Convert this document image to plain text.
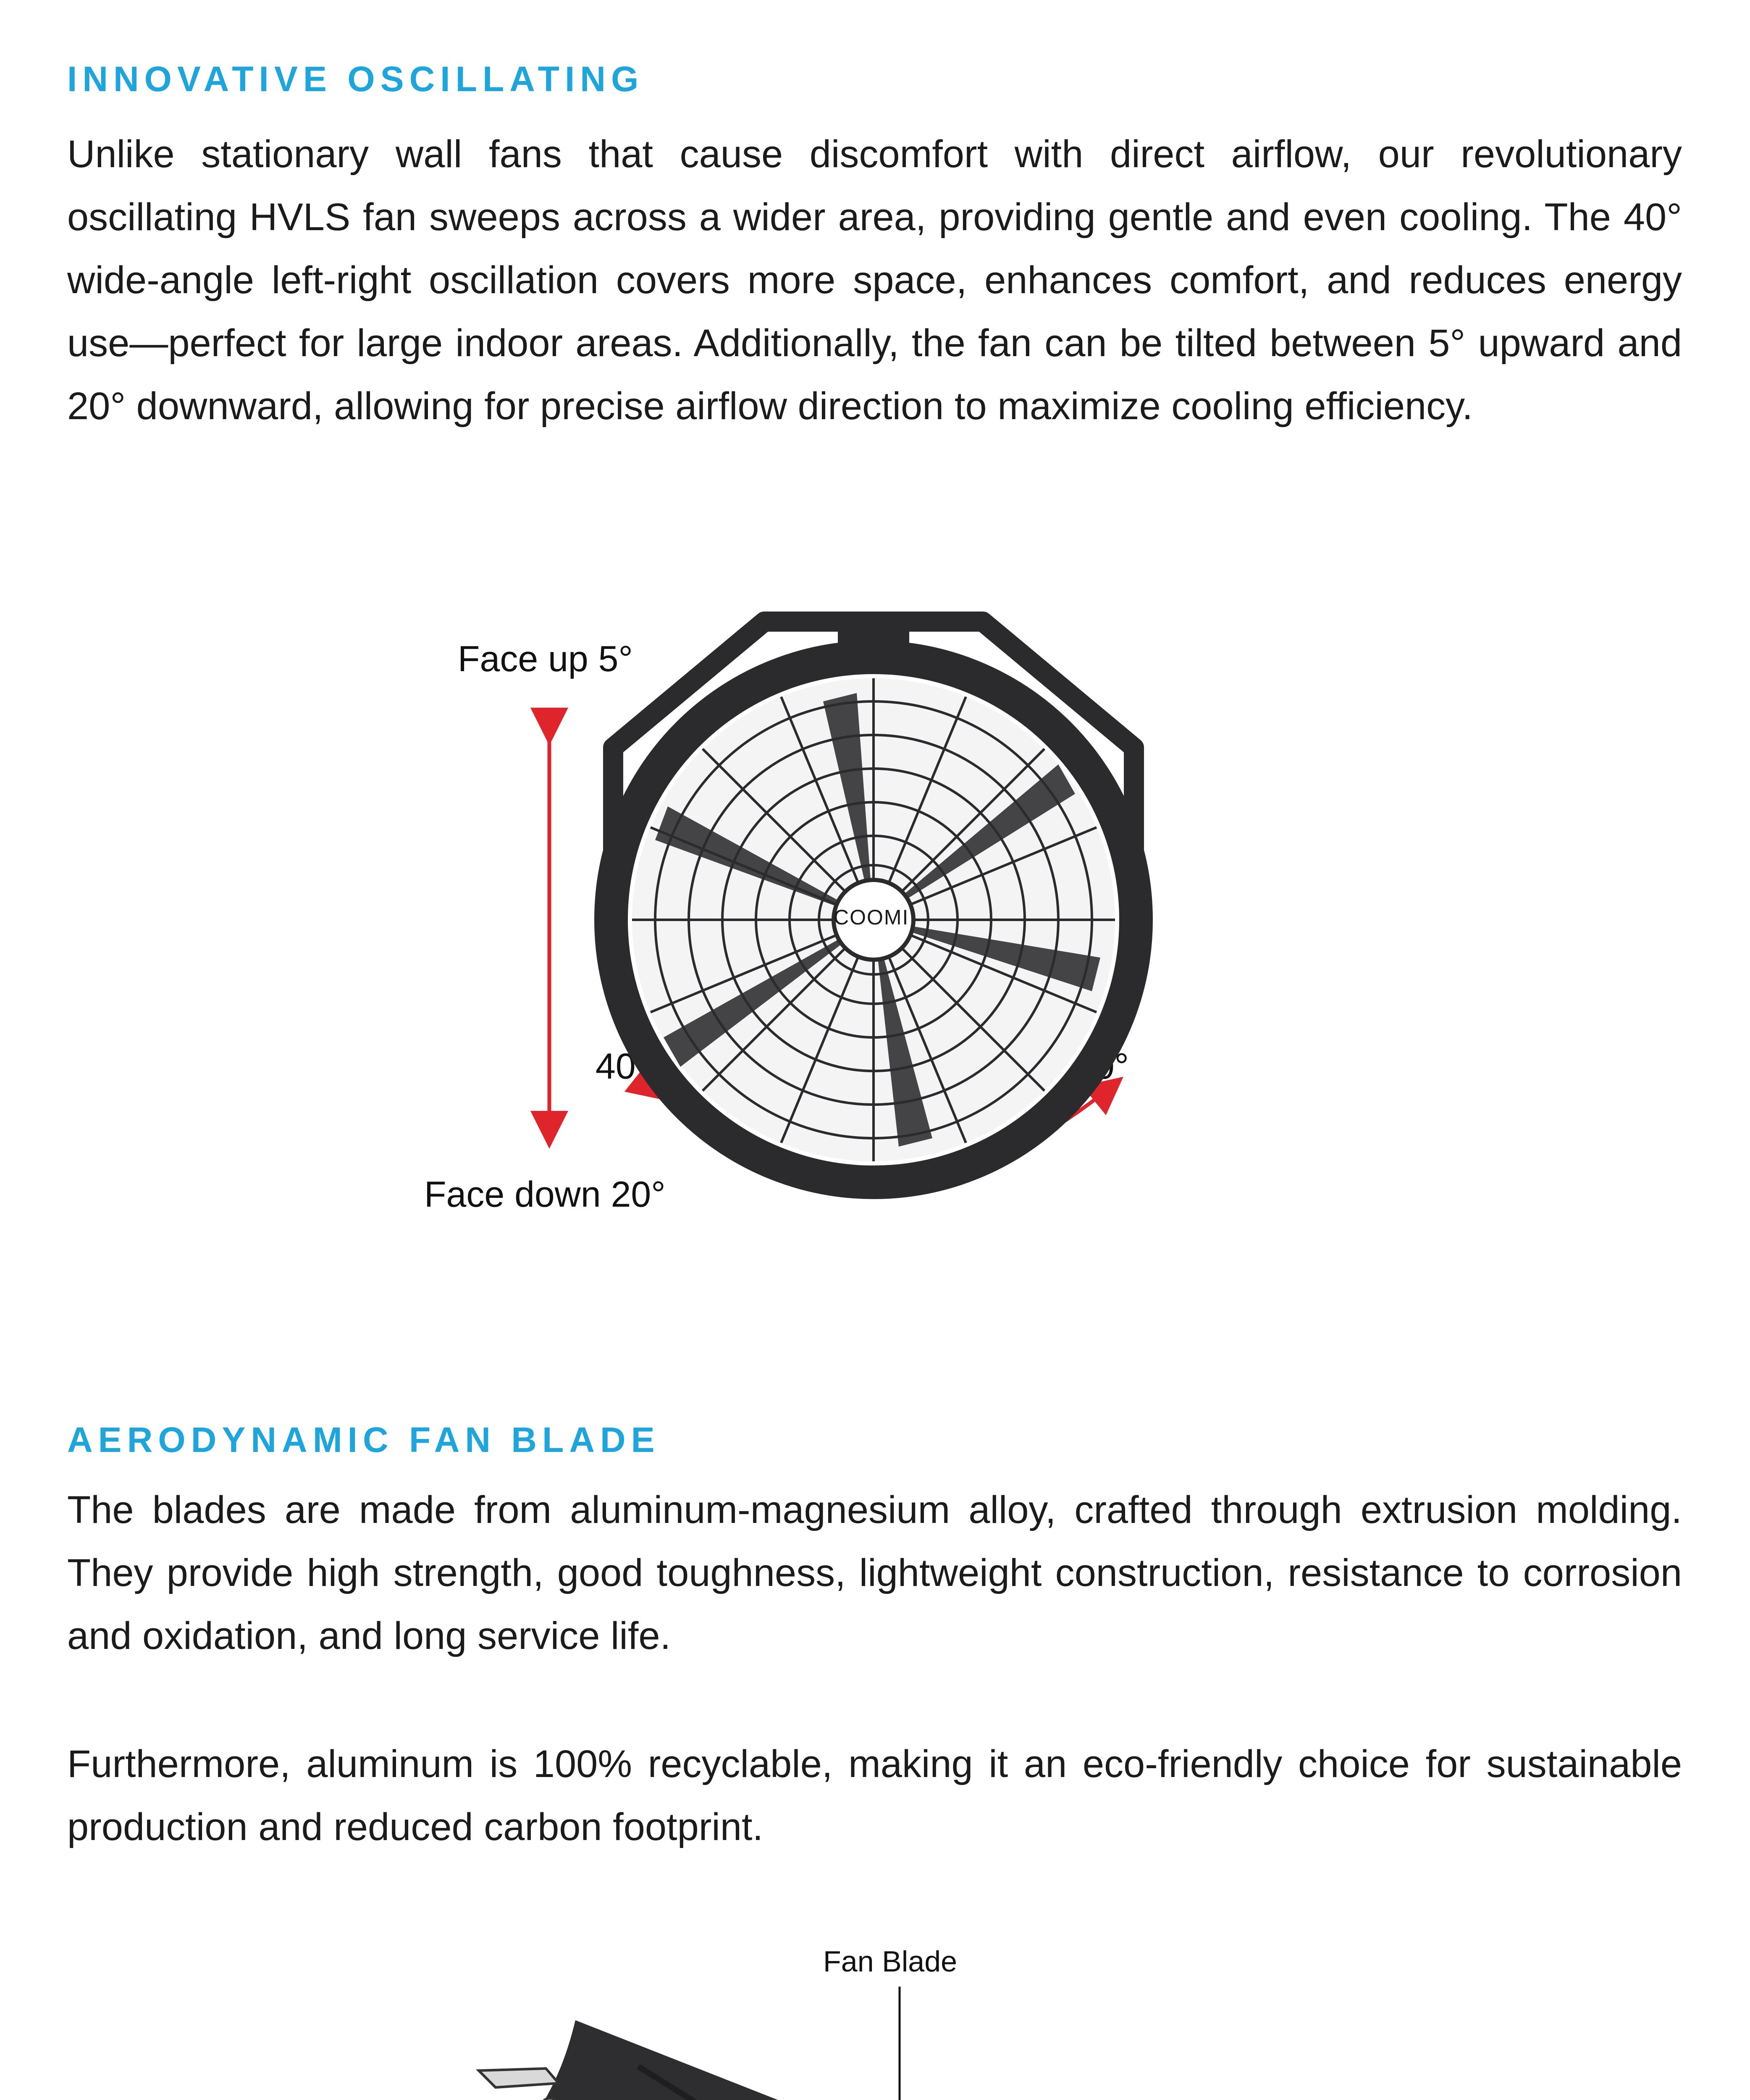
INNOVATIVE OSCILLATING

Unlike stationary wall fans that cause discomfort with direct airflow, our revolutionary oscillating HVLS fan sweeps across a wider area, providing gentle and even cooling. The 40° wide-angle left-right oscillation covers more space, enhances comfort, and reduces energy use—perfect for large indoor areas. Additionally, the fan can be tilted between 5° upward and 20° downward, allowing for precise airflow direction to maximize cooling efficiency.

Face up 5°
Face down 20°
40°	40°
COOMI
AERODYNAMIC FAN BLADE

The blades are made from aluminum-magnesium alloy, crafted through extrusion molding. They provide high strength, good toughness, lightweight construction, resistance to corrosion and oxidation, and long service life.

Furthermore, aluminum is 100% recyclable, making it an eco-friendly choice for sustainable production and reduced carbon footprint.

Fan Blade
